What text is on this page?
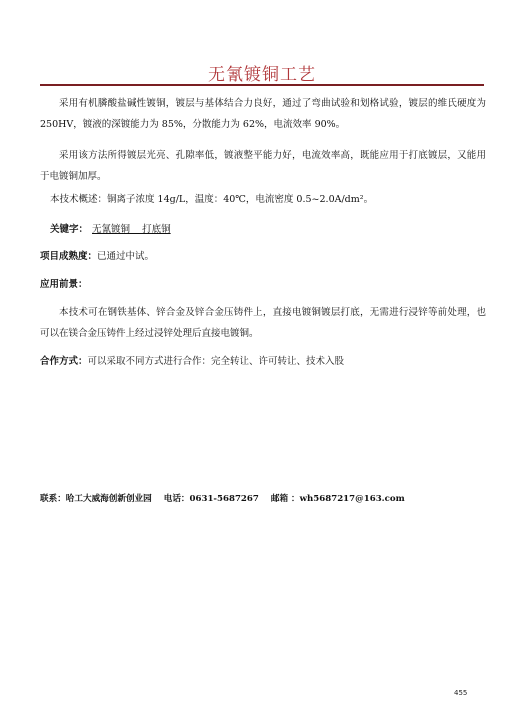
无氰镀铜工艺

采用有机膦酸盐碱性镀铜，镀层与基体结合力良好，通过了弯曲试验和划格试验，镀层的维氏硬度为 250HV，镀液的深镀能力为 85%，分散能力为 62%，电流效率 90%。

采用该方法所得镀层光亮、孔隙率低，镀液整平能力好，电流效率高，既能应用于打底镀层，又能用于电镀铜加厚。

本技术概述：铜离子浓度 14g/L，温度：40℃，电流密度 0.5~2.0A/dm²。
关键字： 无氰镀铜    打底铜
项目成熟度：已通过中试。
应用前景：

本技术可在钢铁基体、锌合金及锌合金压铸件上，直接电镀铜镀层打底，无需进行浸锌等前处理，也可以在镁合金压铸件上经过浸锌处理后直接电镀铜。

合作方式：可以采取不同方式进行合作：完全转让、许可转让、技术入股
联系：哈工大威海创新创业园 电话：0631-5687267 邮箱 ：wh5687217@163.com
455
